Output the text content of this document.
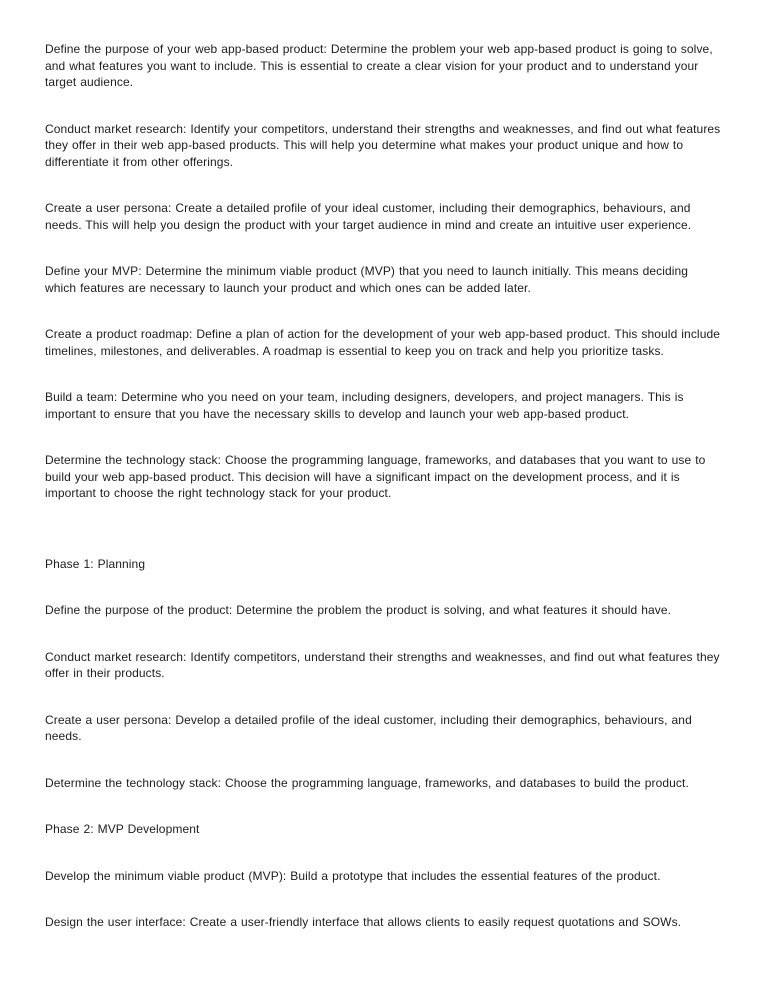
Define the purpose of your web app-based product: Determine the problem your web app-based product is going to solve, and what features you want to include. This is essential to create a clear vision for your product and to understand your target audience.
Conduct market research: Identify your competitors, understand their strengths and weaknesses, and find out what features they offer in their web app-based products. This will help you determine what makes your product unique and how to differentiate it from other offerings.
Create a user persona: Create a detailed profile of your ideal customer, including their demographics, behaviours, and needs. This will help you design the product with your target audience in mind and create an intuitive user experience.
Define your MVP: Determine the minimum viable product (MVP) that you need to launch initially. This means deciding which features are necessary to launch your product and which ones can be added later.
Create a product roadmap: Define a plan of action for the development of your web app-based product. This should include timelines, milestones, and deliverables. A roadmap is essential to keep you on track and help you prioritize tasks.
Build a team: Determine who you need on your team, including designers, developers, and project managers. This is important to ensure that you have the necessary skills to develop and launch your web app-based product.
Determine the technology stack: Choose the programming language, frameworks, and databases that you want to use to build your web app-based product. This decision will have a significant impact on the development process, and it is important to choose the right technology stack for your product.
Phase 1: Planning
Define the purpose of the product: Determine the problem the product is solving, and what features it should have.
Conduct market research: Identify competitors, understand their strengths and weaknesses, and find out what features they offer in their products.
Create a user persona: Develop a detailed profile of the ideal customer, including their demographics, behaviours, and needs.
Determine the technology stack: Choose the programming language, frameworks, and databases to build the product.
Phase 2: MVP Development
Develop the minimum viable product (MVP): Build a prototype that includes the essential features of the product.
Design the user interface: Create a user-friendly interface that allows clients to easily request quotations and SOWs.
